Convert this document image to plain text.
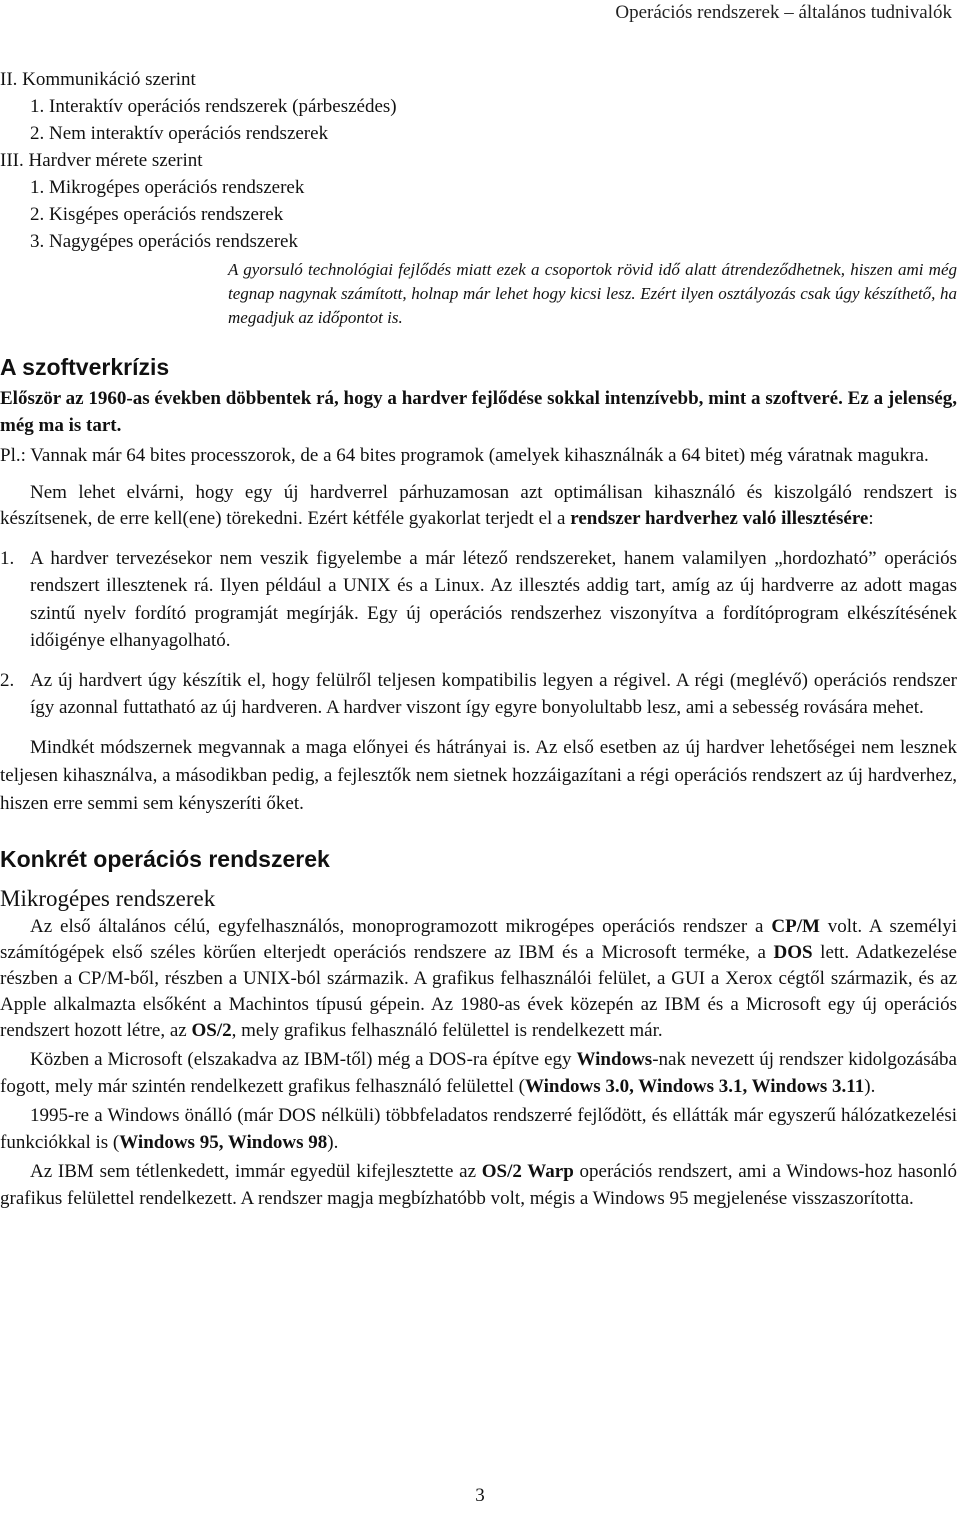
Operációs rendszerek – általános tudnivalók
II. Kommunikáció szerint
1. Interaktív operációs rendszerek (párbeszédes)
2. Nem interaktív operációs rendszerek
III. Hardver mérete szerint
1. Mikrogépes operációs rendszerek
2. Kisgépes operációs rendszerek
3. Nagygépes operációs rendszerek
A gyorsuló technológiai fejlődés miatt ezek a csoportok rövid idő alatt átrendeződhetnek, hiszen ami még tegnap nagynak számított, holnap már lehet hogy kicsi lesz. Ezért ilyen osztályozás csak úgy készíthető, ha megadjuk az időpontot is.
A szoftverkrízis

Először az 1960-as években döbbentek rá, hogy a hardver fejlődése sokkal intenzívebb, mint a szoftveré. Ez a jelenség, még ma is tart.

Pl.: Vannak már 64 bites processzorok, de a 64 bites programok (amelyek kihasználnák a 64 bitet) még váratnak magukra.

Nem lehet elvárni, hogy egy új hardverrel párhuzamosan azt optimálisan kihasználó és kiszolgáló rendszert is készítsenek, de erre kell(ene) törekedni. Ezért kétféle gyakorlat terjedt el a rendszer hardverhez való illesztésére:

1. A hardver tervezésekor nem veszik figyelembe a már létező rendszereket, hanem valamilyen „hordozható” operációs rendszert illesztenek rá. Ilyen például a UNIX és a Linux. Az illesztés addig tart, amíg az új hardverre az adott magas szintű nyelv fordító programját megírják. Egy új operációs rendszerhez viszonyítva a fordítóprogram elkészítésének időigénye elhanyagolható.
2. Az új hardvert úgy készítik el, hogy felülről teljesen kompatibilis legyen a régivel. A régi (meglévő) operációs rendszer így azonnal futtatható az új hardveren. A hardver viszont így egyre bonyolultabb lesz, ami a sebesség rovására mehet.

Mindkét módszernek megvannak a maga előnyei és hátrányai is. Az első esetben az új hardver lehetőségei nem lesznek teljesen kihasználva, a másodikban pedig, a fejlesztők nem sietnek hozzáigazítani a régi operációs rendszert az új hardverhez, hiszen erre semmi sem kényszeríti őket.

Konkrét operációs rendszerek
Mikrogépes rendszerek

Az első általános célú, egyfelhasználós, monoprogramozott mikrogépes operációs rendszer a CP/M volt. A személyi számítógépek első széles körűen elterjedt operációs rendszere az IBM és a Microsoft terméke, a DOS lett. Adatkezelése részben a CP/M-ből, részben a UNIX-ból származik. A grafikus felhasználói felület, a GUI a Xerox cégtől származik, és az Apple alkalmazta elsőként a Machintos típusú gépein. Az 1980-as évek közepén az IBM és a Microsoft egy új operációs rendszert hozott létre, az OS/2, mely grafikus felhasználó felülettel is rendelkezett már.

Közben a Microsoft (elszakadva az IBM-től) még a DOS-ra építve egy Windows-nak nevezett új rendszer kidolgozásába fogott, mely már szintén rendelkezett grafikus felhasználó felülettel (Windows 3.0, Windows 3.1, Windows 3.11).

1995-re a Windows önálló (már DOS nélküli) többfeladatos rendszerré fejlődött, és ellátták már egyszerű hálózatkezelési funkciókkal is (Windows 95, Windows 98).

Az IBM sem tétlenkedett, immár egyedül kifejlesztette az OS/2 Warp operációs rendszert, ami a Windows-hoz hasonló grafikus felülettel rendelkezett. A rendszer magja megbízhatóbb volt, mégis a Windows 95 megjelenése visszaszorította.

3
